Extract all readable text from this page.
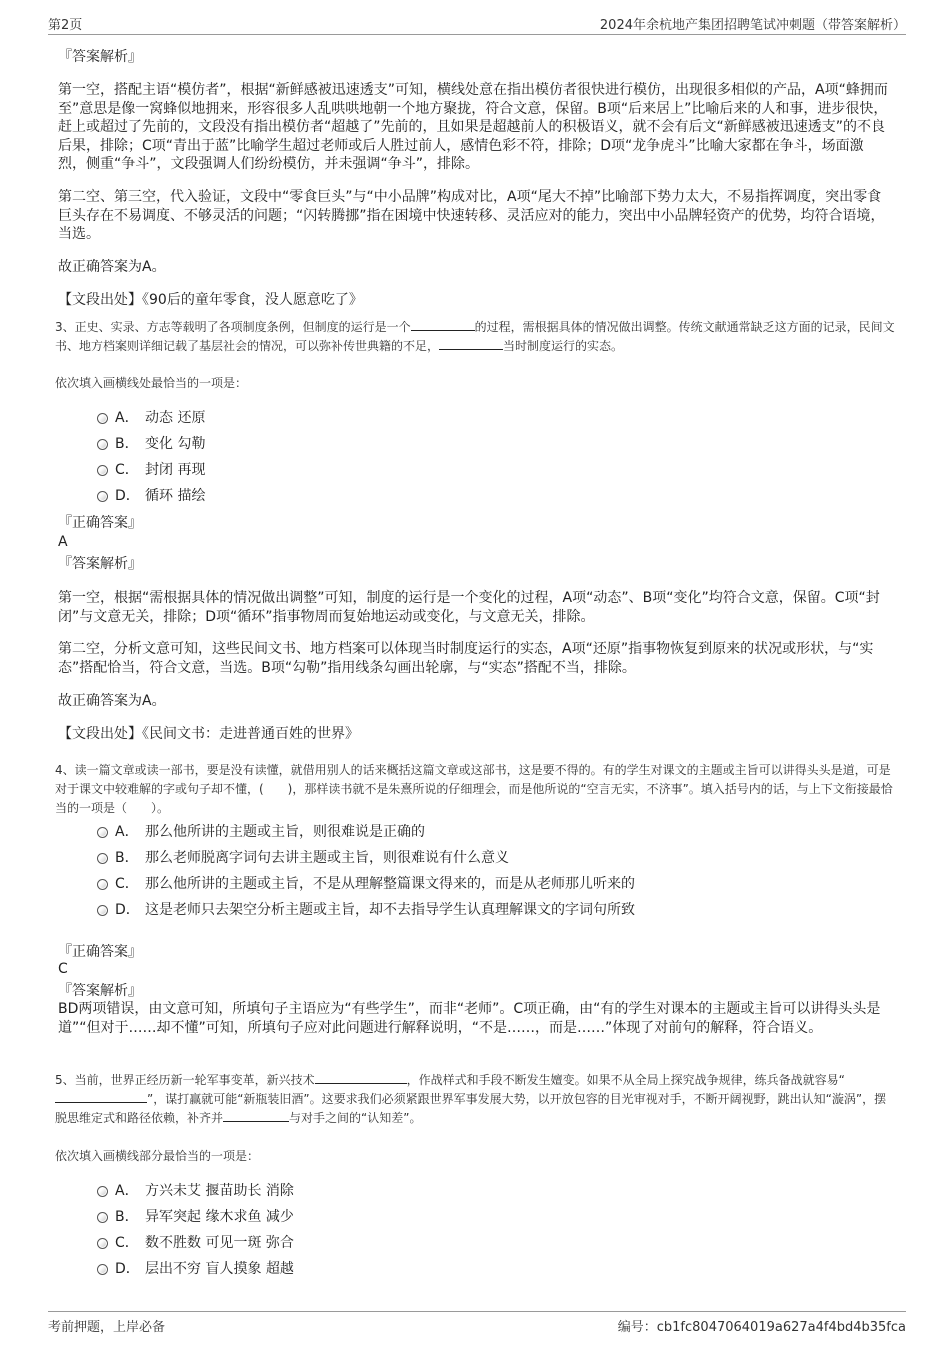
第2页	2024年余杭地产集团招聘笔试冲刺题（带答案解析）
『答案解析』
第一空，搭配主语“模仿者”，根据“新鲜感被迅速透支”可知，横线处意在指出模仿者很快进行模仿，出现很多相似的产品，A项“蜂拥而至”意思是像一窝蜂似地拥来，形容很多人乱哄哄地朝一个地方聚拢，符合文意，保留。B项“后来居上”比喻后来的人和事，进步很快，赶上或超过了先前的，文段没有指出模仿者“超越了”先前的，且如果是超越前人的积极语义，就不会有后文“新鲜感被迅速透支”的不良后果，排除；C项“青出于蓝”比喻学生超过老师或后人胜过前人，感情色彩不符，排除；D项“龙争虎斗”比喻大家都在争斗，场面激烈，侧重“争斗”，文段强调人们纷纷模仿，并未强调“争斗”，排除。
第二空、第三空，代入验证，文段中“零食巨头”与“中小品牌”构成对比，A项“尾大不掉”比喻部下势力太大，不易指挥调度，突出零食巨头存在不易调度、不够灵活的问题；“闪转腾挪”指在困境中快速转移、灵活应对的能力，突出中小品牌轻资产的优势，均符合语境，当选。
故正确答案为A。
【文段出处】《90后的童年零食，没人愿意吃了》
3、正史、实录、方志等载明了各项制度条例，但制度的运行是一个	的过程，需根据具体的情况做出调整。传统文献通常缺乏这方面的记录，民间文书、地方档案则详细记载了基层社会的情况，可以弥补传世典籍的不足，	当时制度运行的实态。
依次填入画横线处最恰当的一项是：
A． 动态 还原
B． 变化 勾勒
C． 封闭 再现
D． 循环 描绘
『正确答案』
A
『答案解析』
第一空，根据“需根据具体的情况做出调整”可知，制度的运行是一个变化的过程，A项“动态”、B项“变化”均符合文意，保留。C项“封闭”与文意无关，排除；D项“循环”指事物周而复始地运动或变化，与文意无关，排除。
第二空，分析文意可知，这些民间文书、地方档案可以体现当时制度运行的实态，A项“还原”指事物恢复到原来的状况或形状，与“实态”搭配恰当，符合文意，当选。B项“勾勒”指用线条勾画出轮廓，与“实态”搭配不当，排除。
故正确答案为A。
【文段出处】《民间文书：走进普通百姓的世界》
4、读一篇文章或读一部书，要是没有读懂，就借用别人的话来概括这篇文章或这部书，这是要不得的。有的学生对课文的主题或主旨可以讲得头头是道，可是对于课文中较难解的字或句子却不懂，(　　)，那样读书就不是朱熹所说的仔细理会，而是他所说的“空言无实，不济事”。填入括号内的话，与上下文衔接最恰当的一项是（　　）。
A． 那么他所讲的主题或主旨，则很难说是正确的
B． 那么老师脱离字词句去讲主题或主旨，则很难说有什么意义
C． 那么他所讲的主题或主旨，不是从理解整篇课文得来的，而是从老师那儿听来的
D． 这是老师只去架空分析主题或主旨，却不去指导学生认真理解课文的字词句所致
『正确答案』
C
『答案解析』
BD两项错误，由文意可知，所填句子主语应为“有些学生”，而非“老师”。C项正确，由“有的学生对课本的主题或主旨可以讲得头头是道”“但对于……却不懂”可知，所填句子应对此问题进行解释说明，“不是……，而是……”体现了对前句的解释，符合语义。
5、当前，世界正经历新一轮军事变革，新兴技术	，作战样式和手段不断发生嬗变。如果不从全局上探究战争规律，练兵备战就容易“”，谋打赢就可能“新瓶装旧酒”。这要求我们必须紧跟世界军事发展大势，以开放包容的目光审视对手，不断开阔视野，跳出认知“漩涡”，摆脱思维定式和路径依赖，补齐并	与对手之间的“认知差”。
依次填入画横线部分最恰当的一项是：
A． 方兴未艾 揠苗助长 消除
B． 异军突起 缘木求鱼 减少
C． 数不胜数 可见一斑 弥合
D． 层出不穷 盲人摸象 超越
考前押题，上岸必备	编号：cb1fc8047064019a627a4f4bd4b35fca
